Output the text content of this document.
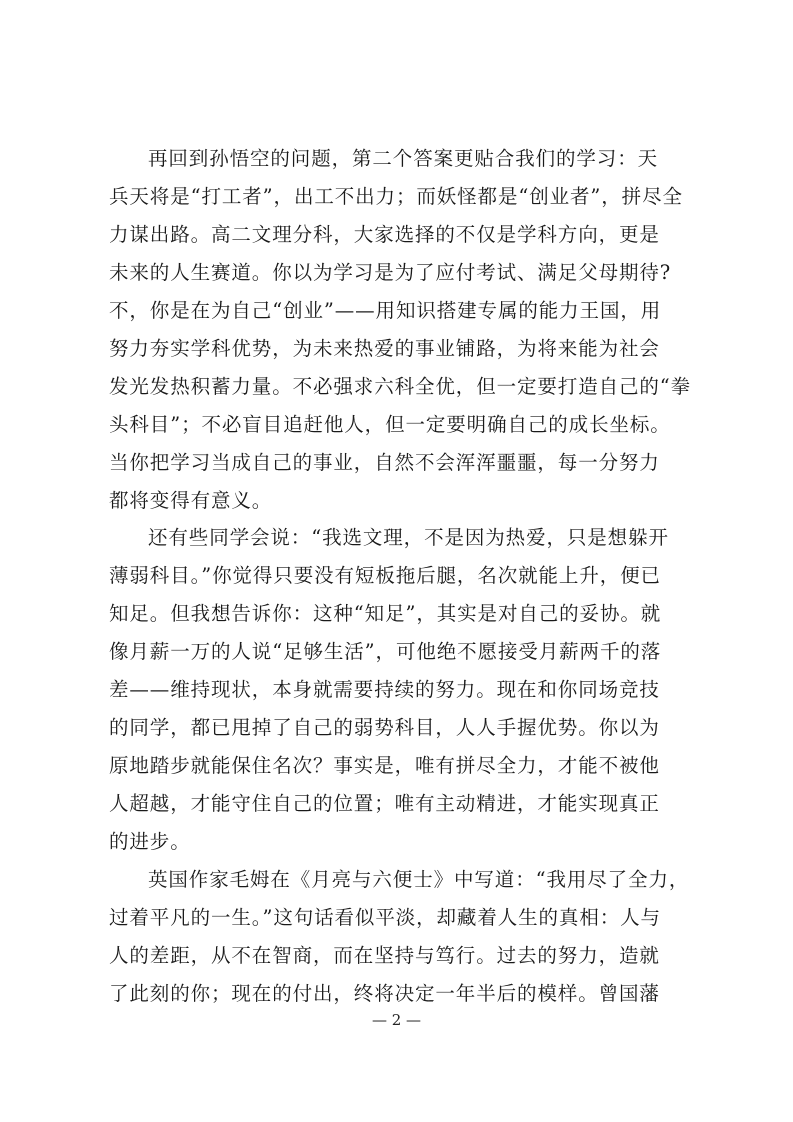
再回到孙悟空的问题，第二个答案更贴合我们的学习：天
兵天将是“打工者”，出工不出力；而妖怪都是“创业者”，拼尽全
力谋出路。高二文理分科，大家选择的不仅是学科方向，更是
未来的人生赛道。你以为学习是为了应付考试、满足父母期待?
不，你是在为自己“创业”——用知识搭建专属的能力王国，用
努力夯实学科优势，为未来热爱的事业铺路，为将来能为社会
发光发热积蓄力量。不必强求六科全优，但一定要打造自己的“拳
头科目”；不必盲目追赶他人，但一定要明确自己的成长坐标。
当你把学习当成自己的事业，自然不会浑浑噩噩，每一分努力
都将变得有意义。
还有些同学会说：“我选文理，不是因为热爱，只是想躲开
薄弱科目。”你觉得只要没有短板拖后腿，名次就能上升，便已
知足。但我想告诉你：这种“知足”，其实是对自己的妥协。就
像月薪一万的人说“足够生活”，可他绝不愿接受月薪两千的落
差——维持现状，本身就需要持续的努力。现在和你同场竞技
的同学，都已甩掉了自己的弱势科目，人人手握优势。你以为
原地踏步就能保住名次？事实是，唯有拼尽全力，才能不被他
人超越，才能守住自己的位置；唯有主动精进，才能实现真正
的进步。
英国作家毛姆在《月亮与六便士》中写道：“我用尽了全力，
过着平凡的一生。”这句话看似平淡，却藏着人生的真相：人与
人的差距，从不在智商，而在坚持与笃行。过去的努力，造就
了此刻的你；现在的付出，终将决定一年半后的模样。曾国藩
— 2 —
